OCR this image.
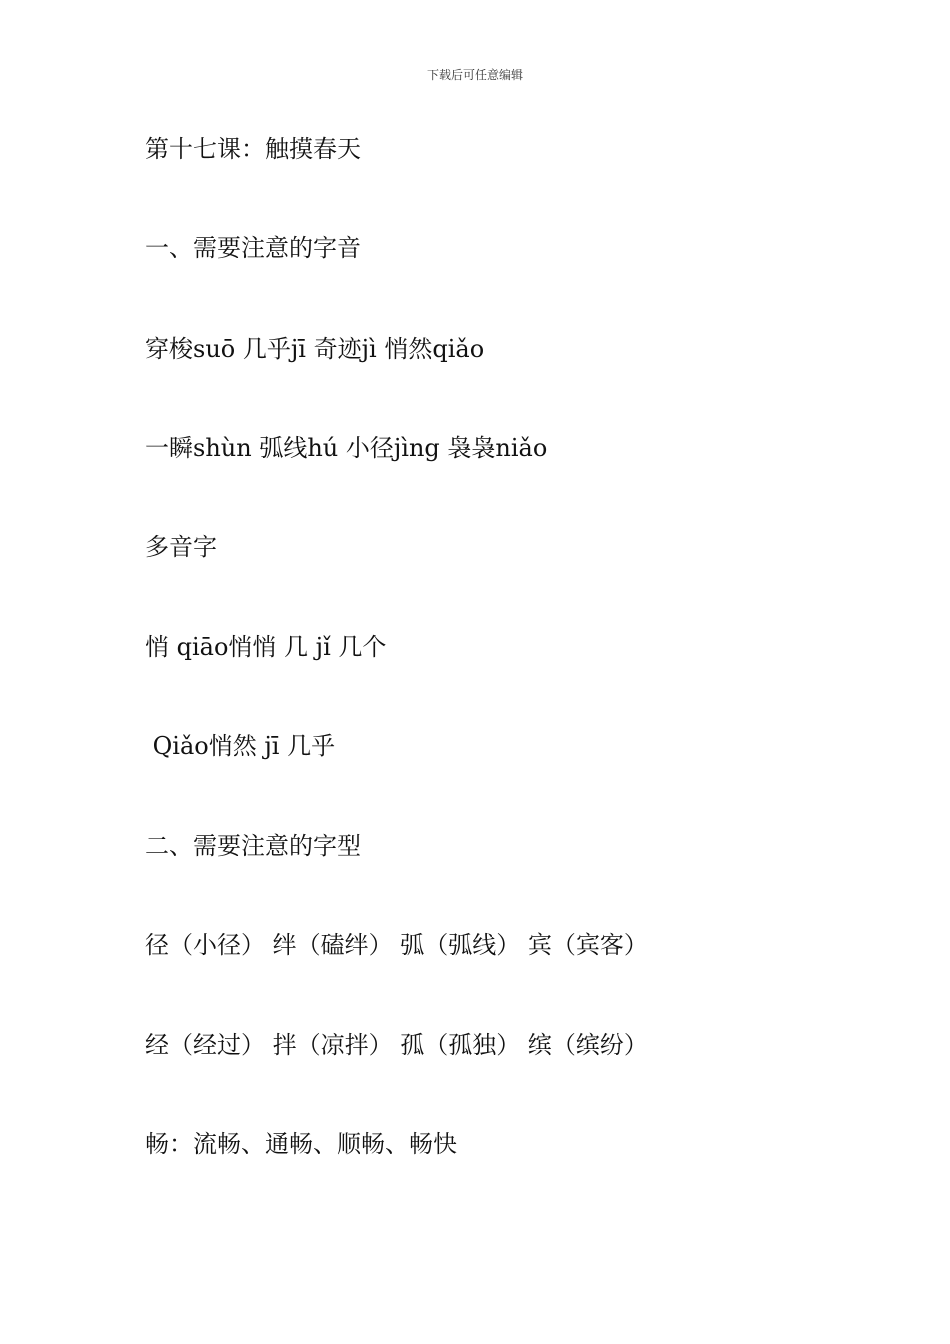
下载后可任意编辑
第十七课：触摸春天
一、需要注意的字音
穿梭suō 几乎jī 奇迹jì 悄然qiǎo
一瞬shùn 弧线hú 小径jìng 袅袅niǎo
多音字
悄 qiāo悄悄 几 jǐ 几个
Qiǎo悄然 jī 几乎
二、需要注意的字型
径（小径） 绊（磕绊） 弧（弧线） 宾（宾客）
经（经过） 拌（凉拌） 孤（孤独） 缤（缤纷）
畅：流畅、通畅、顺畅、畅快
